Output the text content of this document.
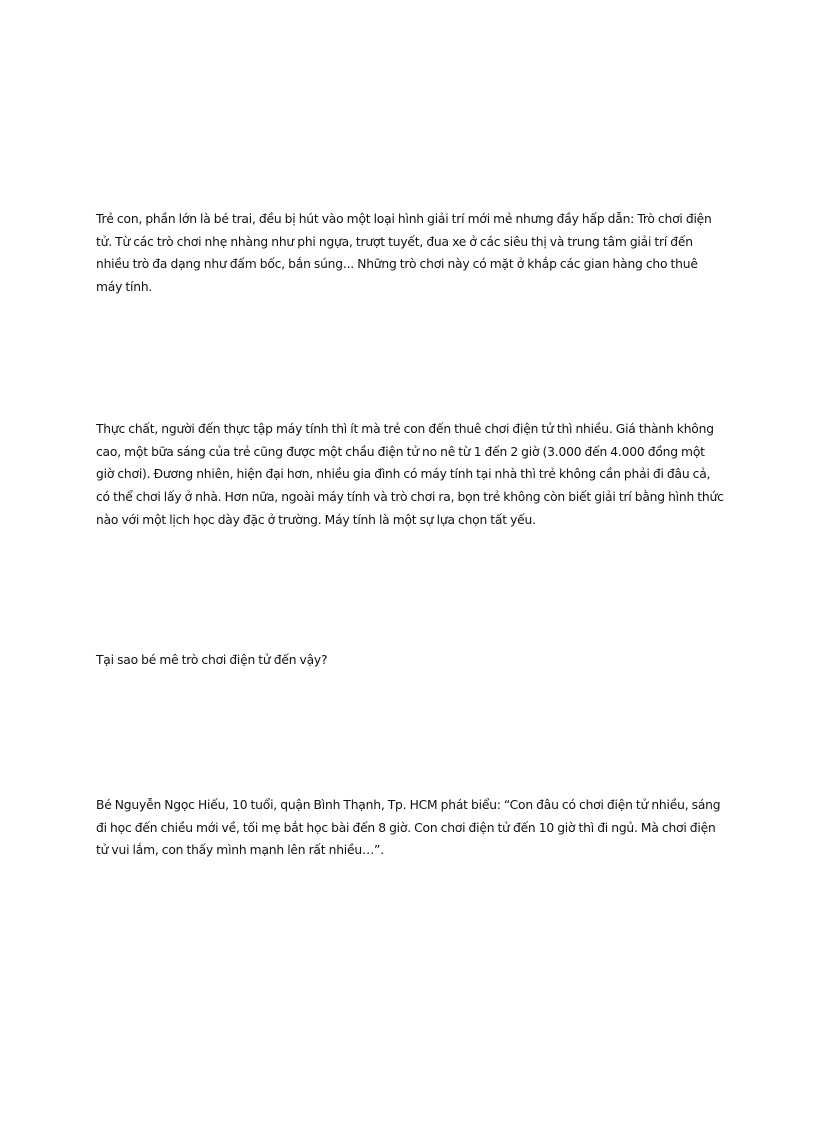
Trẻ con, phần lớn là bé trai, đều bị hút vào một loại hình giải trí mới mẻ nhưng đầy hấp dẫn: Trò chơi điện tử. Từ các trò chơi nhẹ nhàng như phi ngựa, trượt tuyết, đua xe ở các siêu thị và trung tâm giải trí đến nhiều trò đa dạng như đấm bốc, bắn súng... Những trò chơi này có mặt ở khắp các gian hàng cho thuê máy tính.

Thực chất, người đến thực tập máy tính thì ít mà trẻ con đến thuê chơi điện tử thì nhiều. Giá thành không cao, một bữa sáng của trẻ cũng được một chầu điện tử no nê từ 1 đến 2 giờ (3.000 đến 4.000 đồng một giờ chơi). Đương nhiên, hiện đại hơn, nhiều gia đình có máy tính tại nhà thì trẻ không cần phải đi đâu cả, có thể chơi lấy ở nhà. Hơn nữa, ngoài máy tính và trò chơi ra, bọn trẻ không còn biết giải trí bằng hình thức nào với một lịch học dày đặc ở trường. Máy tính là một sự lựa chọn tất yếu.

Tại sao bé mê trò chơi điện tử đến vậy?

Bé Nguyễn Ngọc Hiếu, 10 tuổi, quận Bình Thạnh, Tp. HCM phát biểu: “Con đâu có chơi điện tử nhiều, sáng đi học đến chiều mới về, tối mẹ bắt học bài đến 8 giờ. Con chơi điện tử đến 10 giờ thì đi ngủ. Mà chơi điện tử vui lắm, con thấy mình mạnh lên rất nhiều…”.
